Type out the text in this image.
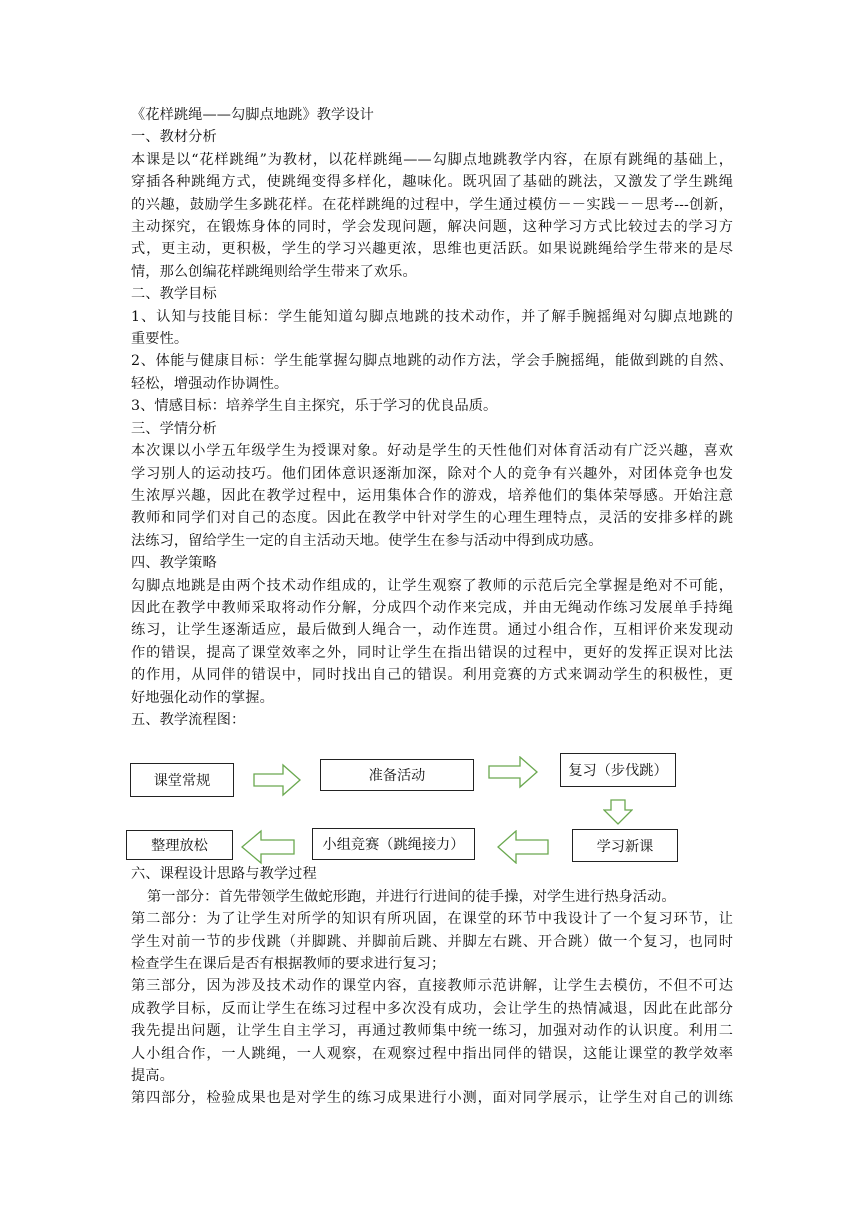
《花样跳绳——勾脚点地跳》教学设计
一、教材分析
本课是以“花样跳绳”为教材，以花样跳绳——勾脚点地跳教学内容，在原有跳绳的基础上，
穿插各种跳绳方式，使跳绳变得多样化，趣味化。既巩固了基础的跳法，又激发了学生跳绳
的兴趣，鼓励学生多跳花样。在花样跳绳的过程中，学生通过模仿－－实践－－思考---创新，
主动探究，在锻炼身体的同时，学会发现问题，解决问题，这种学习方式比较过去的学习方
式，更主动，更积极，学生的学习兴趣更浓，思维也更活跃。如果说跳绳给学生带来的是尽
情，那么创编花样跳绳则给学生带来了欢乐。
二、教学目标
1、认知与技能目标：学生能知道勾脚点地跳的技术动作，并了解手腕摇绳对勾脚点地跳的
重要性。
2、体能与健康目标：学生能掌握勾脚点地跳的动作方法，学会手腕摇绳，能做到跳的自然、
轻松，增强动作协调性。
3、情感目标：培养学生自主探究，乐于学习的优良品质。
三、学情分析
本次课以小学五年级学生为授课对象。好动是学生的天性他们对体育活动有广泛兴趣，喜欢
学习别人的运动技巧。他们团体意识逐渐加深，除对个人的竞争有兴趣外，对团体竞争也发
生浓厚兴趣，因此在教学过程中，运用集体合作的游戏，培养他们的集体荣辱感。开始注意
教师和同学们对自己的态度。因此在教学中针对学生的心理生理特点，灵活的安排多样的跳
法练习，留给学生一定的自主活动天地。使学生在参与活动中得到成功感。
四、教学策略
勾脚点地跳是由两个技术动作组成的，让学生观察了教师的示范后完全掌握是绝对不可能，
因此在教学中教师采取将动作分解，分成四个动作来完成，并由无绳动作练习发展单手持绳
练习，让学生逐渐适应，最后做到人绳合一，动作连贯。通过小组合作，互相评价来发现动
作的错误，提高了课堂效率之外，同时让学生在指出错误的过程中，更好的发挥正误对比法
的作用，从同伴的错误中，同时找出自己的错误。利用竞赛的方式来调动学生的积极性，更
好地强化动作的掌握。
五、教学流程图：
课堂常规	准备活动	复习（步伐跳）
学习新课
小组竞赛（跳绳接力）
整理放松
六、课程设计思路与教学过程
第一部分：首先带领学生做蛇形跑，并进行行进间的徒手操，对学生进行热身活动。
第二部分：为了让学生对所学的知识有所巩固，在课堂的环节中我设计了一个复习环节，让
学生对前一节的步伐跳（并脚跳、并脚前后跳、并脚左右跳、开合跳）做一个复习，也同时
检查学生在课后是否有根据教师的要求进行复习；
第三部分，因为涉及技术动作的课堂内容，直接教师示范讲解，让学生去模仿，不但不可达
成教学目标，反而让学生在练习过程中多次没有成功，会让学生的热情减退，因此在此部分
我先提出问题，让学生自主学习，再通过教师集中统一练习，加强对动作的认识度。利用二
人小组合作，一人跳绳，一人观察，在观察过程中指出同伴的错误，这能让课堂的教学效率
提高。
第四部分，检验成果也是对学生的练习成果进行小测，面对同学展示，让学生对自己的训练
